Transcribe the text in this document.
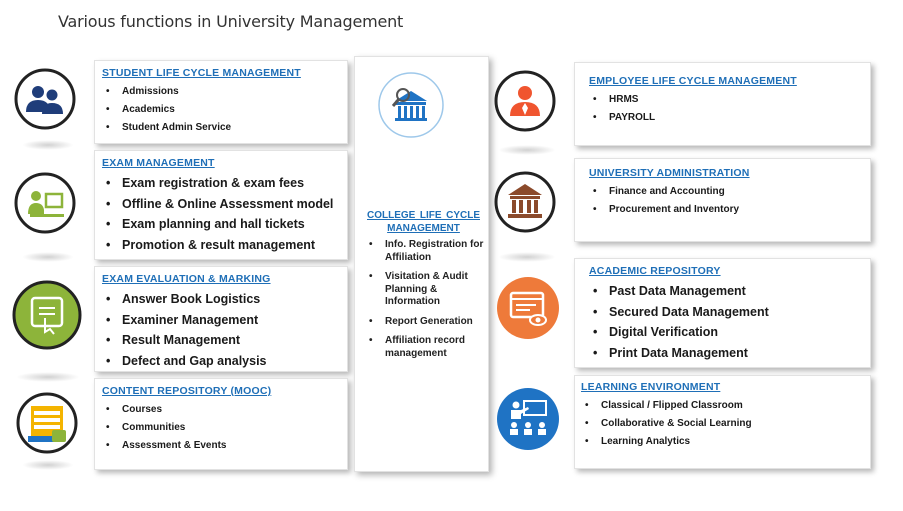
Various functions in University Management
STUDENT LIFE CYCLE MANAGEMENT
• Admissions
• Academics
• Student Admin Service
EXAM MANAGEMENT
• Exam registration & exam fees
• Offline & Online Assessment model
• Exam planning and hall tickets
• Promotion & result management
EXAM EVALUATION & MARKING
• Answer Book Logistics
• Examiner Management
• Result Management
• Defect and Gap analysis
CONTENT REPOSITORY (MOOC)
• Courses
• Communities
• Assessment & Events
COLLEGE LIFE CYCLE MANAGEMENT
• Info. Registration for Affiliation
• Visitation & Audit Planning & Information
• Report Generation
• Affiliation record management
EMPLOYEE LIFE CYCLE MANAGEMENT
• HRMS
• PAYROLL
UNIVERSITY ADMINISTRATION
• Finance and Accounting
• Procurement and Inventory
ACADEMIC REPOSITORY
• Past Data Management
• Secured Data Management
• Digital Verification
• Print Data Management
LEARNING ENVIRONMENT
• Classical / Flipped Classroom
• Collaborative & Social Learning
• Learning Analytics
